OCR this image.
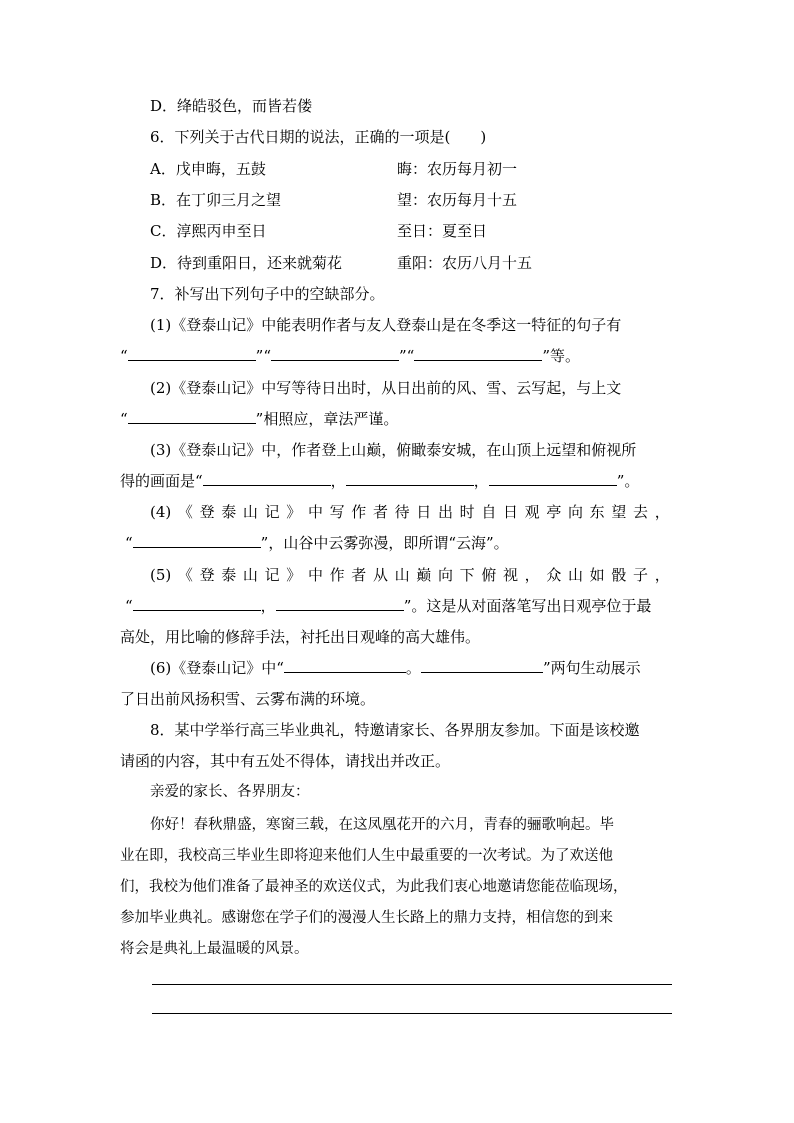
D．绛皓驳色，而皆若偻
6．下列关于古代日期的说法，正确的一项是(　　)
A．戊申晦，五鼓	晦：农历每月初一
B．在丁卯三月之望	望：农历每月十五
C．淳熙丙申至日	至日：夏至日
D．待到重阳日，还来就菊花	重阳：农历八月十五
7．补写出下列句子中的空缺部分。
(1)《登泰山记》中能表明作者与友人登泰山是在冬季这一特征的句子有
“	”“	”“	”等。
(2)《登泰山记》中写等待日出时，从日出前的风、雪、云写起，与上文
“	”相照应，章法严谨。
(3)《登泰山记》中，作者登上山巅，俯瞰泰安城，在山顶上远望和俯视所
得的画面是“	，	，	”。
(4) 《 登 泰 山 记 》 中 写 作 者 待 日 出 时 自 日 观 亭 向 东 望 去 ，
“	”，山谷中云雾弥漫，即所谓“云海”。
(5) 《 登 泰 山 记 》 中 作 者 从 山 巅 向 下 俯 视 ， 众 山 如 骰 子 ，
“	，	”。这是从对面落笔写出日观亭位于最
高处，用比喻的修辞手法，衬托出日观峰的高大雄伟。
(6)《登泰山记》中“	。	”两句生动展示
了日出前风扬积雪、云雾布满的环境。
8．某中学举行高三毕业典礼，特邀请家长、各界朋友参加。下面是该校邀
请函的内容，其中有五处不得体，请找出并改正。
亲爱的家长、各界朋友：
你好！春秋鼎盛，寒窗三载，在这凤凰花开的六月，青春的骊歌响起。毕
业在即，我校高三毕业生即将迎来他们人生中最重要的一次考试。为了欢送他
们，我校为他们准备了最神圣的欢送仪式，为此我们衷心地邀请您能莅临现场，
参加毕业典礼。感谢您在学子们的漫漫人生长路上的鼎力支持，相信您的到来
将会是典礼上最温暖的风景。
